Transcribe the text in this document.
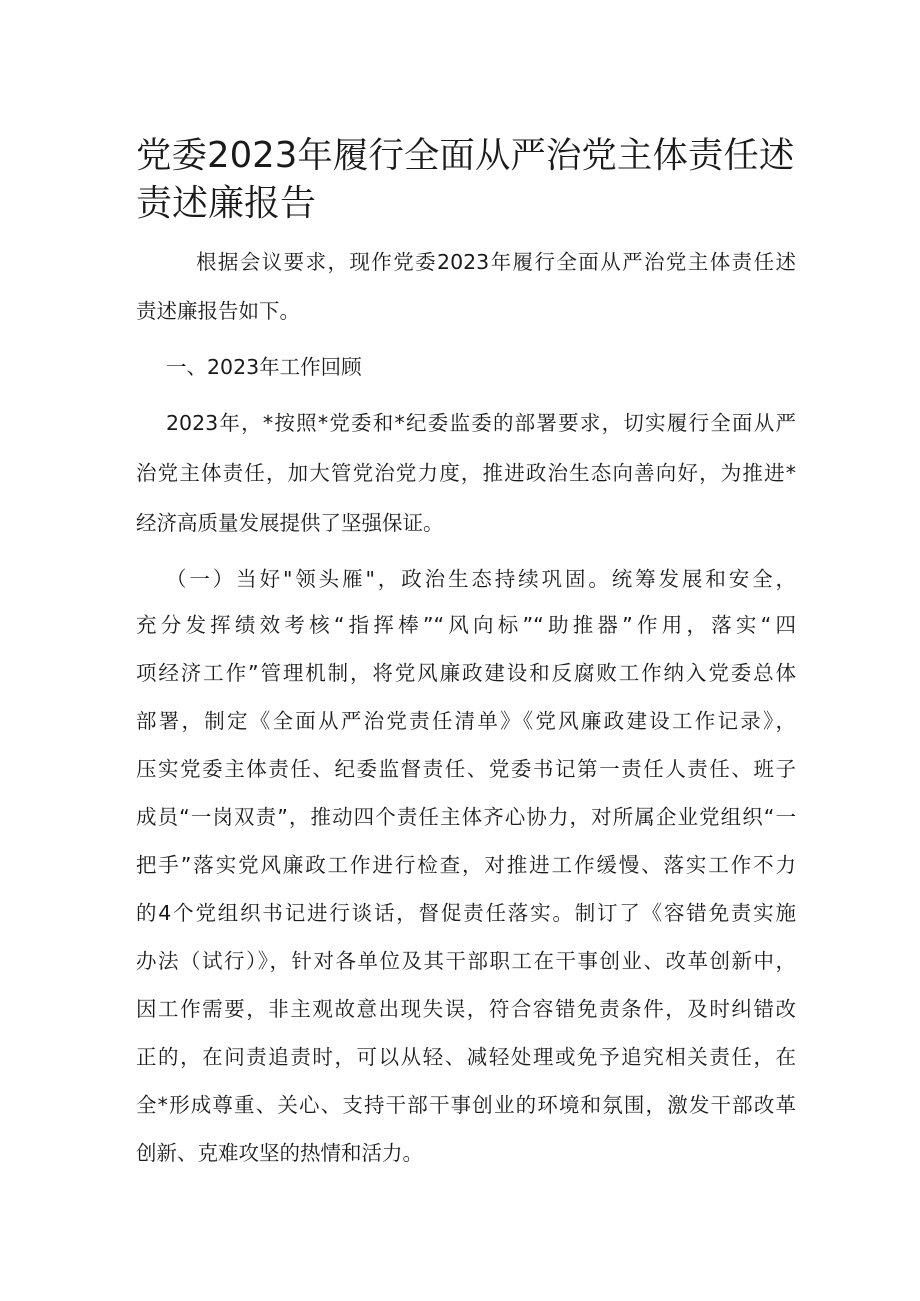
党委2023年履行全面从严治党主体责任述
责述廉报告
根据会议要求，现作党委2023年履行全面从严治党主体责任述
责述廉报告如下。
一、2023年工作回顾
2023年，*按照*党委和*纪委监委的部署要求，切实履行全面从严
治党主体责任，加大管党治党力度，推进政治生态向善向好，为推进*
经济高质量发展提供了坚强保证。
（一）当好"领头雁"，政治生态持续巩固。统筹发展和安全，
充分发挥绩效考核“指挥棒”“风向标”“助推器”作用，落实“四
项经济工作”管理机制，将党风廉政建设和反腐败工作纳入党委总体
部署，制定《全面从严治党责任清单》《党风廉政建设工作记录》，
压实党委主体责任、纪委监督责任、党委书记第一责任人责任、班子
成员“一岗双责”，推动四个责任主体齐心协力，对所属企业党组织“一
把手”落实党风廉政工作进行检查，对推进工作缓慢、落实工作不力
的4个党组织书记进行谈话，督促责任落实。制订了《容错免责实施
办法（试行）》，针对各单位及其干部职工在干事创业、改革创新中，
因工作需要，非主观故意出现失误，符合容错免责条件，及时纠错改
正的，在问责追责时，可以从轻、减轻处理或免予追究相关责任，在
全*形成尊重、关心、支持干部干事创业的环境和氛围，激发干部改革
创新、克难攻坚的热情和活力。
